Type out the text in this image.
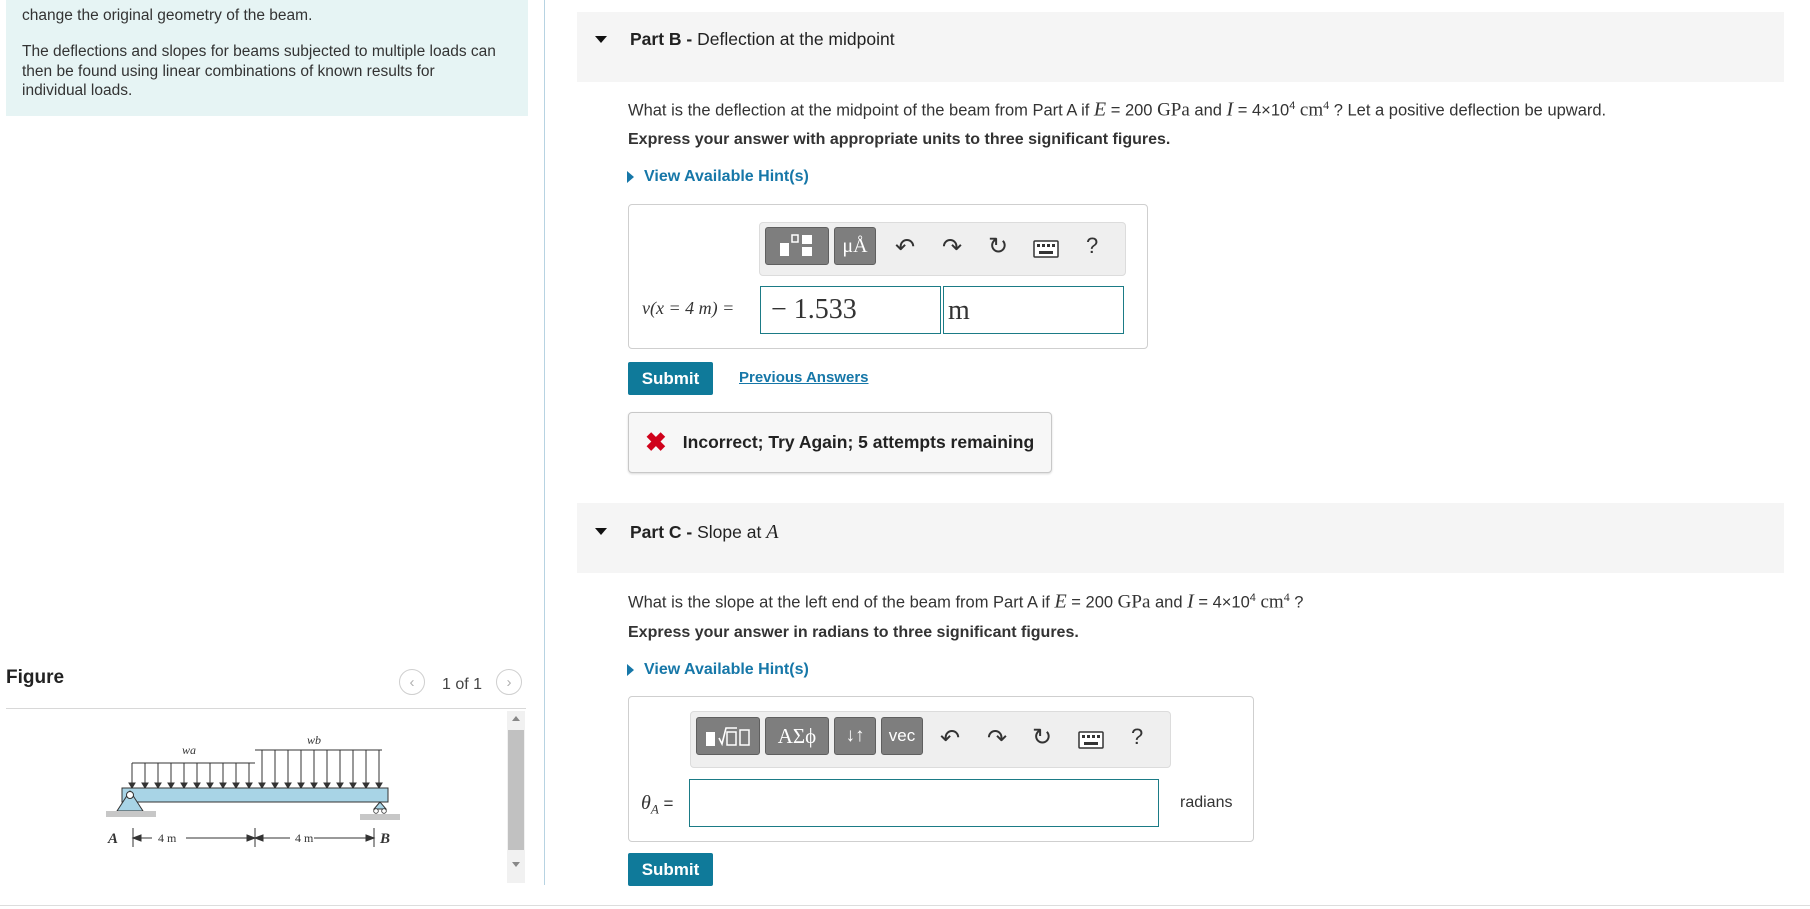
change the original geometry of the beam.
The deflections and slopes for beams subjected to multiple loads can then be found using linear combinations of known results for individual loads.
Figure	‹ 1 of 1 ›
wa
wb
A	B
4 m	4 m
Part B - Deflection at the midpoint
What is the deflection at the midpoint of the beam from Part A if E = 200 GPa and $I = 4\times 10^4$ $cm^4$ ? Let a positive deflection be upward.
Express your answer with appropriate units to three significant figures.
View Available Hint(s)
μÅ	↶ ↷ ↻	?
v(x = 4 m) =	− 1.533	m
Submit	Previous Answers
✖ Incorrect; Try Again; 5 attempts remaining
Part C - Slope at A
What is the slope at the left end of the beam from Part A if E = 200 GPa and $I = 4\times 10^4$ $cm^4$ ?
Express your answer in radians to three significant figures.
View Available Hint(s)
ΑΣϕ	↓↑	vec	↶ ↷ ↻	?
$\theta_A$ =	radians
Submit
